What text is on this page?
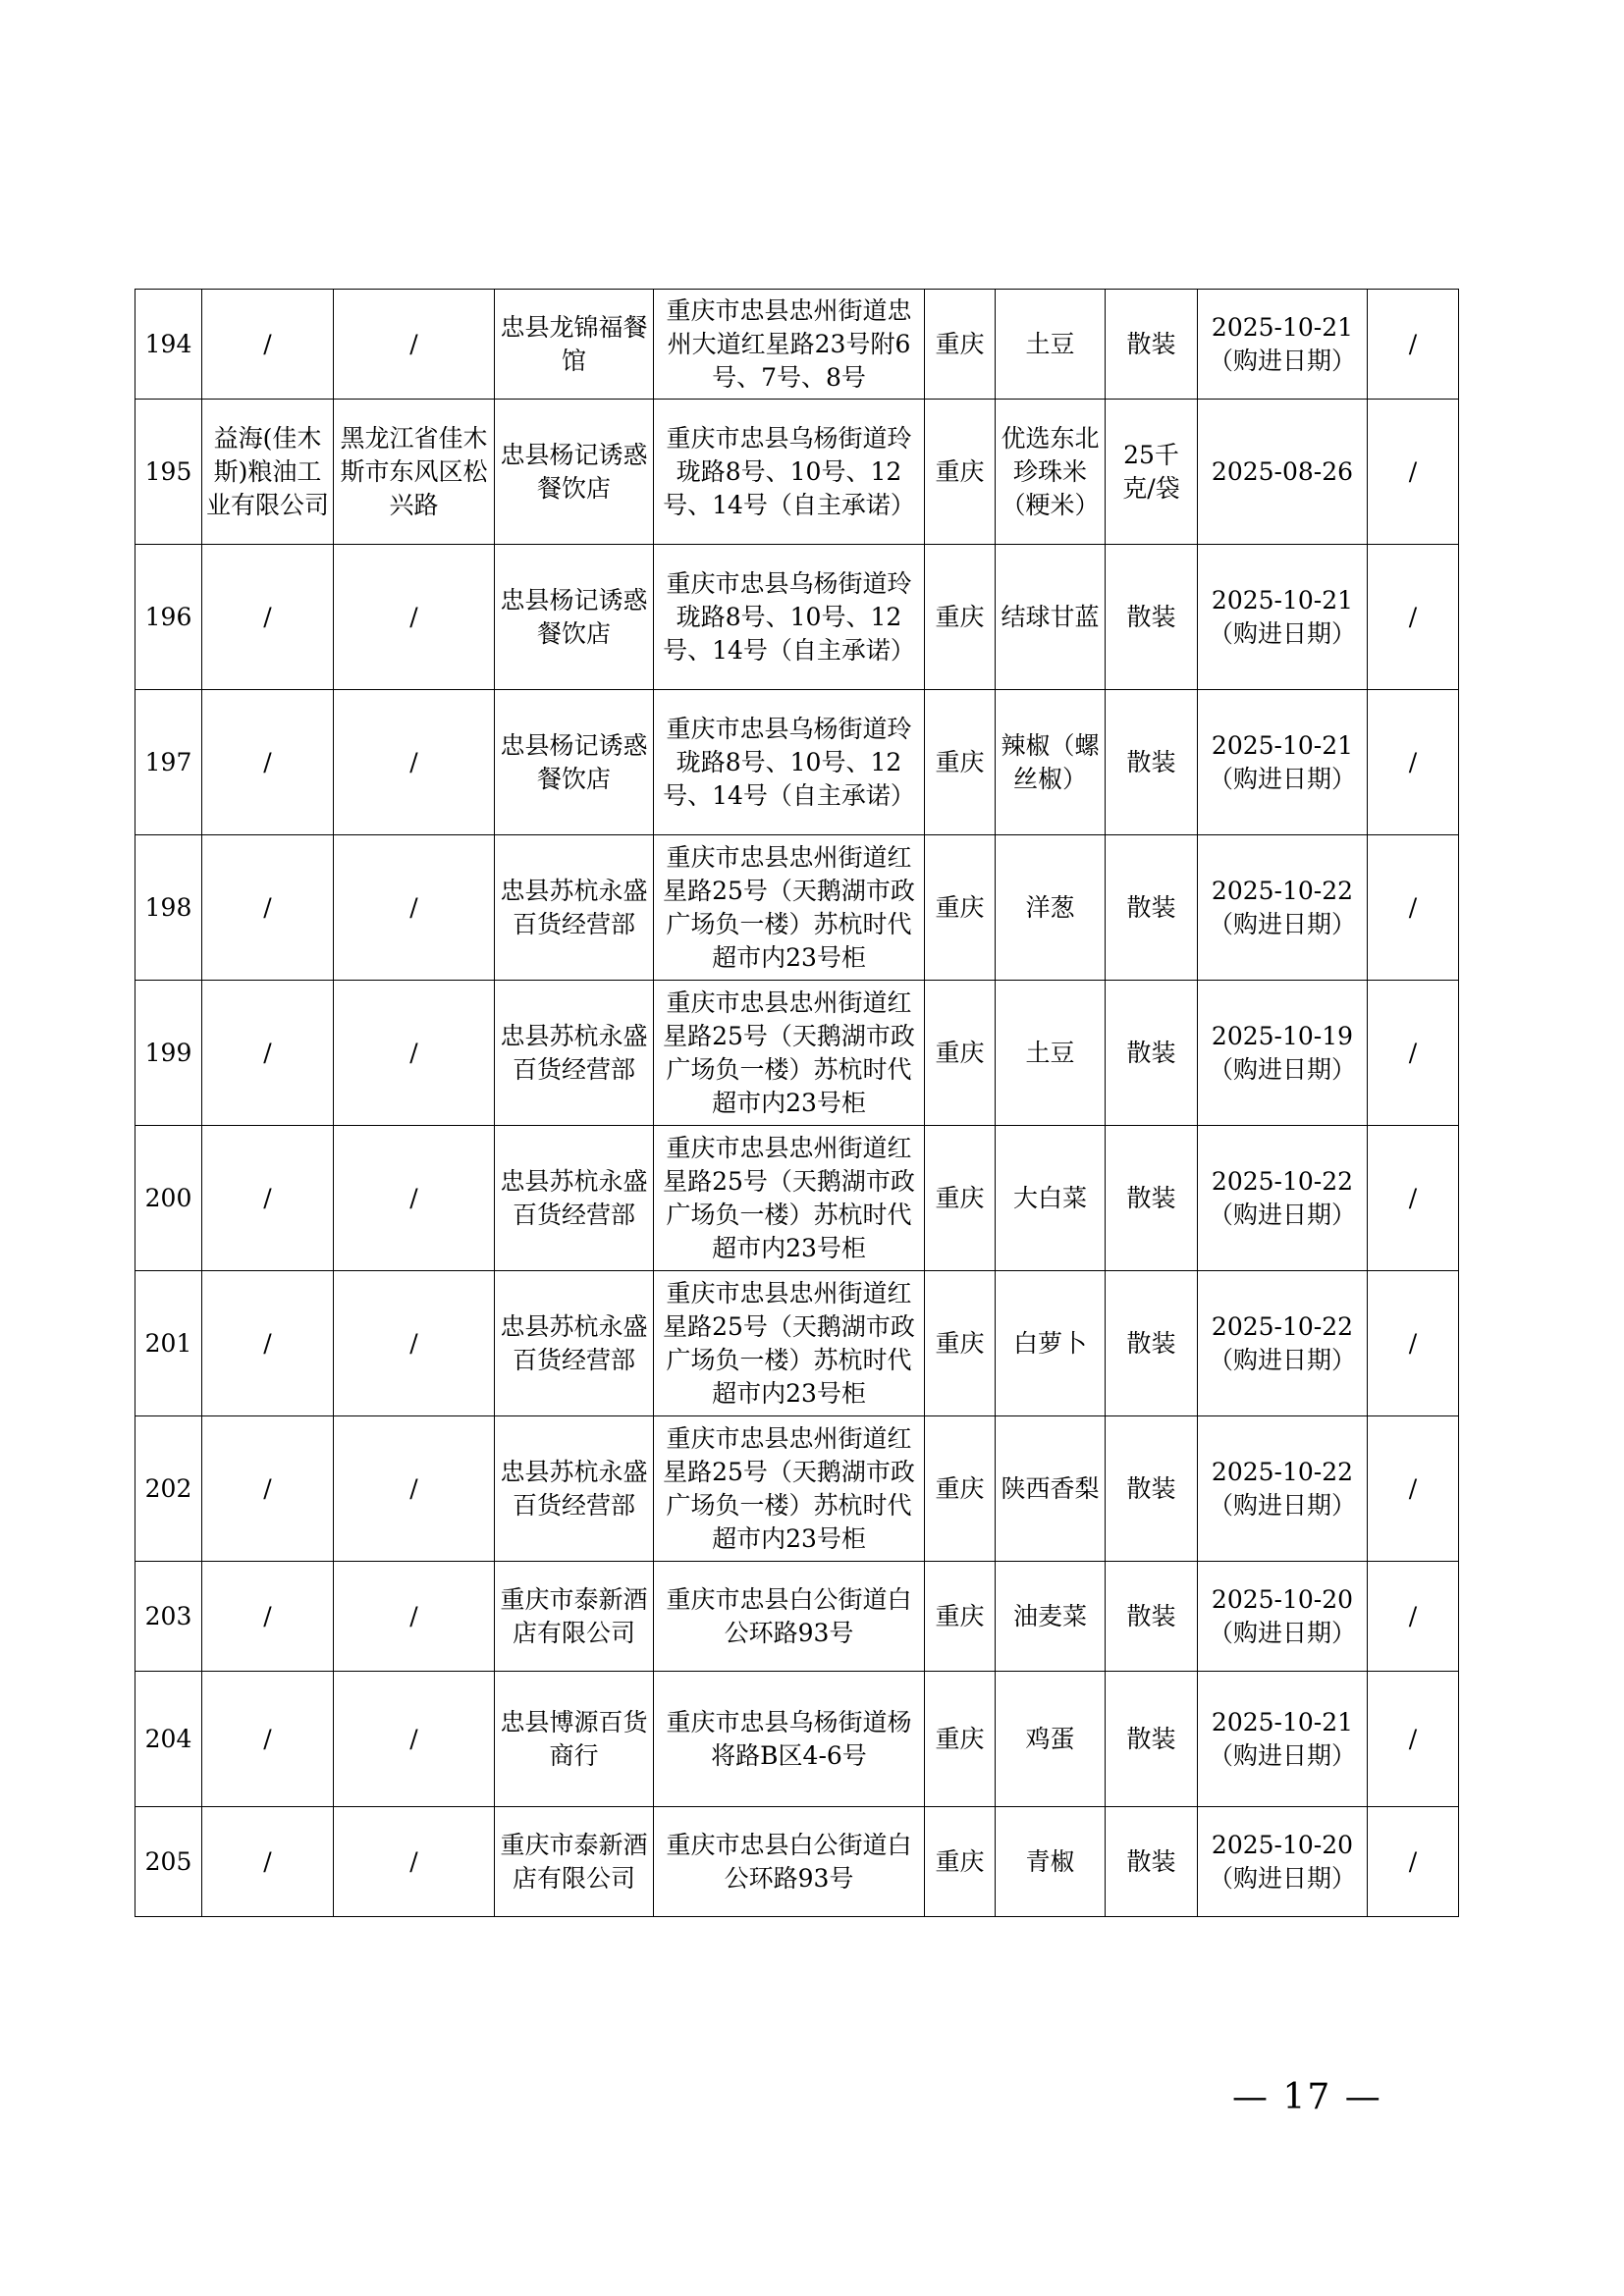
194	/	/	忠县龙锦福餐馆	重庆市忠县忠州街道忠州大道红星路23号附6号、7号、8号	重庆	土豆	散装	2025-10-21（购进日期）	/
195	益海(佳木斯)粮油工业有限公司	黑龙江省佳木斯市东风区松兴路	忠县杨记诱惑餐饮店	重庆市忠县乌杨街道玲珑路8号、10号、12号、14号（自主承诺）	重庆	优选东北珍珠米（粳米）	25千克/袋	2025-08-26	/
196	/	/	忠县杨记诱惑餐饮店	重庆市忠县乌杨街道玲珑路8号、10号、12号、14号（自主承诺）	重庆	结球甘蓝	散装	2025-10-21（购进日期）	/
197	/	/	忠县杨记诱惑餐饮店	重庆市忠县乌杨街道玲珑路8号、10号、12号、14号（自主承诺）	重庆	辣椒（螺丝椒）	散装	2025-10-21（购进日期）	/
198	/	/	忠县苏杭永盛百货经营部	重庆市忠县忠州街道红星路25号（天鹅湖市政广场负一楼）苏杭时代超市内23号柜	重庆	洋葱	散装	2025-10-22（购进日期）	/
199	/	/	忠县苏杭永盛百货经营部	重庆市忠县忠州街道红星路25号（天鹅湖市政广场负一楼）苏杭时代超市内23号柜	重庆	土豆	散装	2025-10-19（购进日期）	/
200	/	/	忠县苏杭永盛百货经营部	重庆市忠县忠州街道红星路25号（天鹅湖市政广场负一楼）苏杭时代超市内23号柜	重庆	大白菜	散装	2025-10-22（购进日期）	/
201	/	/	忠县苏杭永盛百货经营部	重庆市忠县忠州街道红星路25号（天鹅湖市政广场负一楼）苏杭时代超市内23号柜	重庆	白萝卜	散装	2025-10-22（购进日期）	/
202	/	/	忠县苏杭永盛百货经营部	重庆市忠县忠州街道红星路25号（天鹅湖市政广场负一楼）苏杭时代超市内23号柜	重庆	陕西香梨	散装	2025-10-22（购进日期）	/
203	/	/	重庆市泰新酒店有限公司	重庆市忠县白公街道白公环路93号	重庆	油麦菜	散装	2025-10-20（购进日期）	/
204	/	/	忠县博源百货商行	重庆市忠县乌杨街道杨将路B区4-6号	重庆	鸡蛋	散装	2025-10-21（购进日期）	/
205	/	/	重庆市泰新酒店有限公司	重庆市忠县白公街道白公环路93号	重庆	青椒	散装	2025-10-20（购进日期）	/
— 17 —
